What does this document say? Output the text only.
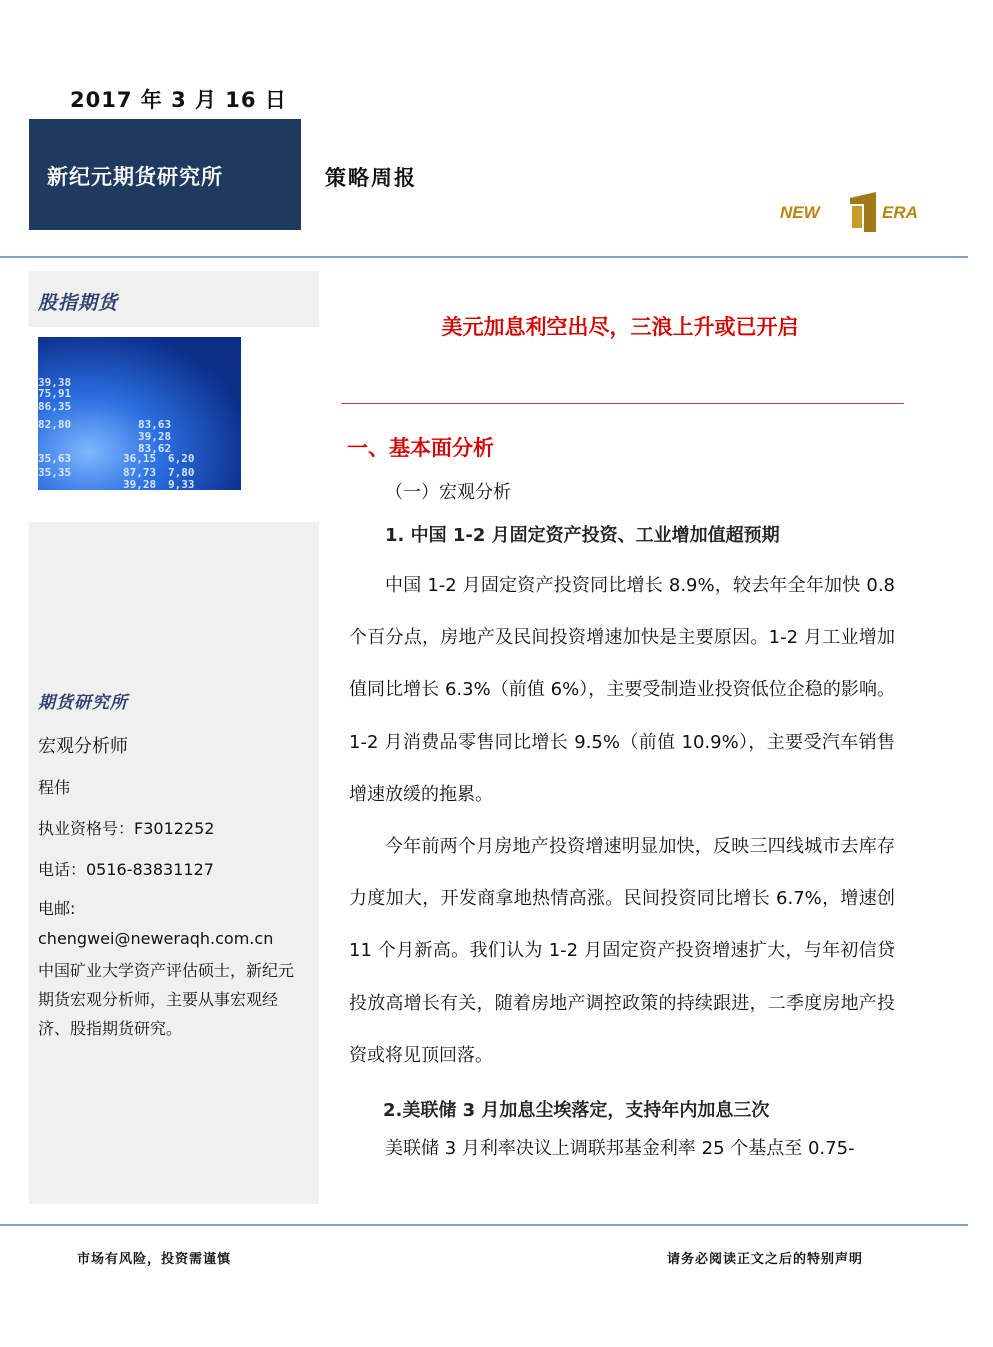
2017 年 3 月 16 日
新纪元期货研究所	策略周报
NEW	ERA
股指期货
39,28
83,62
35,63	36,15 6,20
35,35	87,73 7,80
39,28 9,33
86,35
83,63
82,80
75,91
39,38
期货研究所
宏观分析师
程伟
执业资格号：F3012252
电话：0516-83831127
电邮:
chengwei@neweraqh.com.cn
中国矿业大学资产评估硕士，新纪元期货宏观分析师，主要从事宏观经济、股指期货研究。
美元加息利空出尽，三浪上升或已开启
一、基本面分析
（一）宏观分析
1. 中国 1-2 月固定资产投资、工业增加值超预期

中国 1-2 月固定资产投资同比增长 8.9%，较去年全年加快 0.8 个百分点，房地产及民间投资增速加快是主要原因。1-2 月工业增加值同比增长 6.3%（前值 6%），主要受制造业投资低位企稳的影响。1-2 月消费品零售同比增长 9.5%（前值 10.9%），主要受汽车销售增速放缓的拖累。

今年前两个月房地产投资增速明显加快，反映三四线城市去库存力度加大，开发商拿地热情高涨。民间投资同比增长 6.7%，增速创 11 个月新高。我们认为 1-2 月固定资产投资增速扩大，与年初信贷投放高增长有关，随着房地产调控政策的持续跟进，二季度房地产投资或将见顶回落。

2.美联储 3 月加息尘埃落定，支持年内加息三次
美联储 3 月利率决议上调联邦基金利率 25 个基点至 0.75-
市场有风险，投资需谨慎	请务必阅读正文之后的特别声明
